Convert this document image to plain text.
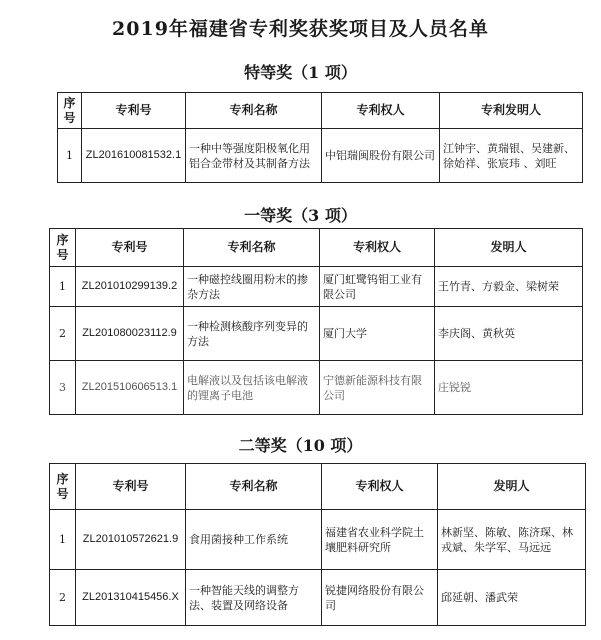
2019年福建省专利奖获奖项目及人员名单
特等奖（1 项）
序号	专利号	专利名称	专利权人	专利发明人
1	ZL201610081532.1	一种中等强度阳极氧化用铝合金带材及其制备方法	中铝瑞闽股份有限公司	江钟宇、黄瑞银、吴建新、徐始祥、张宸玮 、刘旺
一等奖（3 项）
序号	专利号	专利名称	专利权人	发明人
1	ZL201010299139.2	一种磁控线圈用粉末的掺杂方法	厦门虹鹭钨钼工业有限公司	王竹青、方毅金、梁树荣
2	ZL201080023112.9	一种检测核酸序列变异的方法	厦门大学	李庆阁、黄秋英
3	ZL201510606513.1	电解液以及包括该电解液的锂离子电池	宁德新能源科技有限公司	庄锐锐
二等奖（10 项）
序号	专利号	专利名称	专利权人	发明人
1	ZL201010572621.9	食用菌接种工作系统	福建省农业科学院土壤肥料研究所	林新坚、陈敏、陈济琛、林戎斌、朱学军、马远远
2	ZL201310415456.X	一种智能天线的调整方法、装置及网络设备	锐捷网络股份有限公司	邱延朝、潘武荣
